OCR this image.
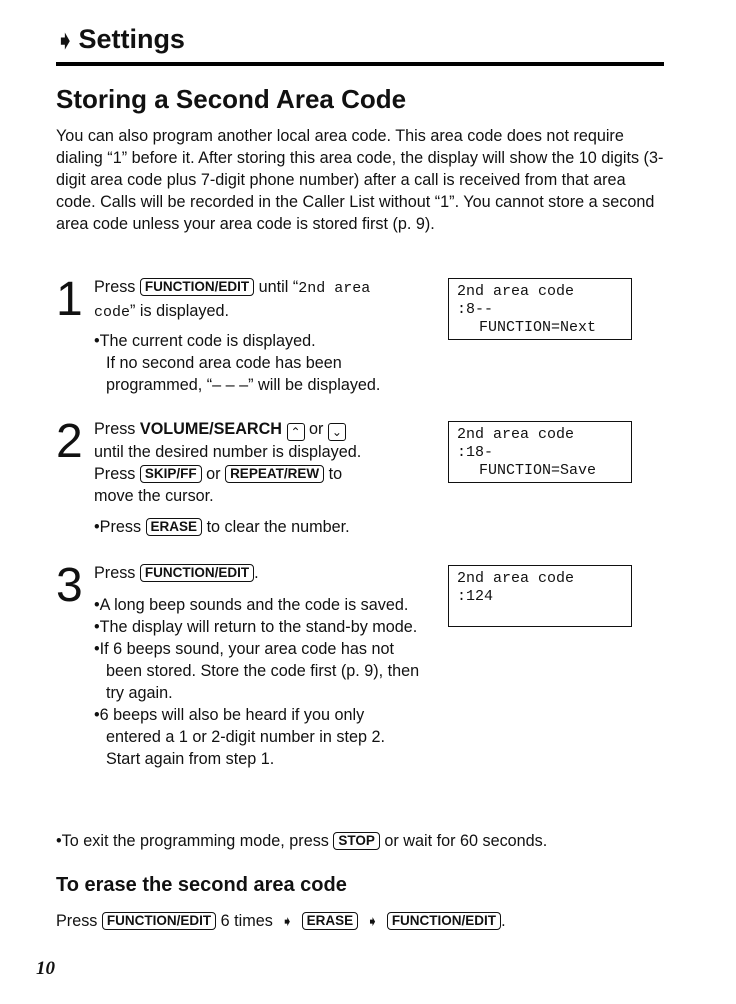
➧ Settings
Storing a Second Area Code
You can also program another local area code. This area code does not require dialing “1” before it. After storing this area code, the display will show the 10 digits (3-digit area code plus 7-digit phone number) after a call is received from that area code. Calls will be recorded in the Caller List without “1”. You cannot store a second area code unless your area code is stored first (p. 9).
1 Press FUNCTION/EDIT until “2nd area code” is displayed.
•The current code is displayed.
If no second area code has been programmed, “– – –” will be displayed.
2nd area code
:8--
FUNCTION=Next
2 Press VOLUME/SEARCH ⌃ or ⌄
until the desired number is displayed.
Press SKIP/FF or REPEAT/REW to
move the cursor.
•Press ERASE to clear the number.
2nd area code
:18-
FUNCTION=Save
3 Press FUNCTION/EDIT .
•A long beep sounds and the code is saved.
•The display will return to the stand-by mode.
•If 6 beeps sound, your area code has not been stored. Store the code first (p. 9), then try again.
•6 beeps will also be heard if you only entered a 1 or 2-digit number in step 2. Start again from step 1.
2nd area code
:124
•To exit the programming mode, press STOP or wait for 60 seconds.
To erase the second area code
Press FUNCTION/EDIT 6 times ➧ ERASE ➧ FUNCTION/EDIT .
10
